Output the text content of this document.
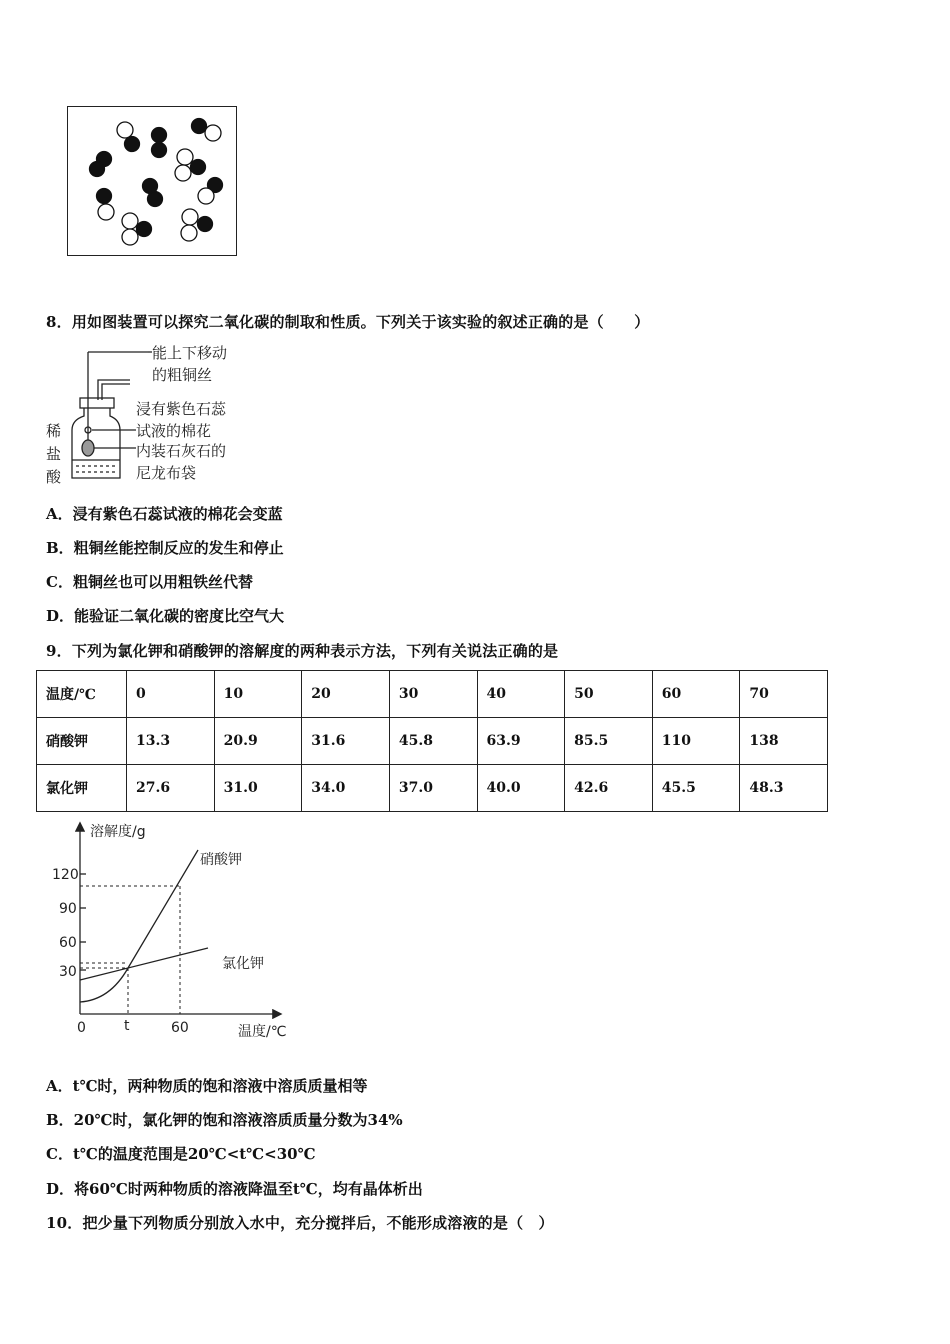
8．用如图装置可以探究二氧化碳的制取和性质。下列关于该实验的叙述正确的是（　　）
能上下移动
的粗铜丝
浸有紫色石蕊
试液的棉花
内装石灰石的
尼龙布袋
稀
盐
酸
A．浸有紫色石蕊试液的棉花会变蓝
B．粗铜丝能控制反应的发生和停止
C．粗铜丝也可以用粗铁丝代替
D．能验证二氧化碳的密度比空气大
9．下列为氯化钾和硝酸钾的溶解度的两种表示方法，下列有关说法正确的是
温度/℃	0	10	20	30	40	50	60	70
硝酸钾	13.3	20.9	31.6	45.8	63.9	85.5	110	138
氯化钾	27.6	31.0	34.0	37.0	40.0	42.6	45.5	48.3
溶解度/g
温度/℃
120
90
60
30
0	t	60
硝酸钾
氯化钾
A．t℃时，两种物质的饱和溶液中溶质质量相等
B．20℃时，氯化钾的饱和溶液溶质质量分数为34%
C．t℃的温度范围是20℃<t℃<30℃
D．将60℃时两种物质的溶液降温至t℃，均有晶体析出
10．把少量下列物质分别放入水中，充分搅拌后，不能形成溶液的是（　）
